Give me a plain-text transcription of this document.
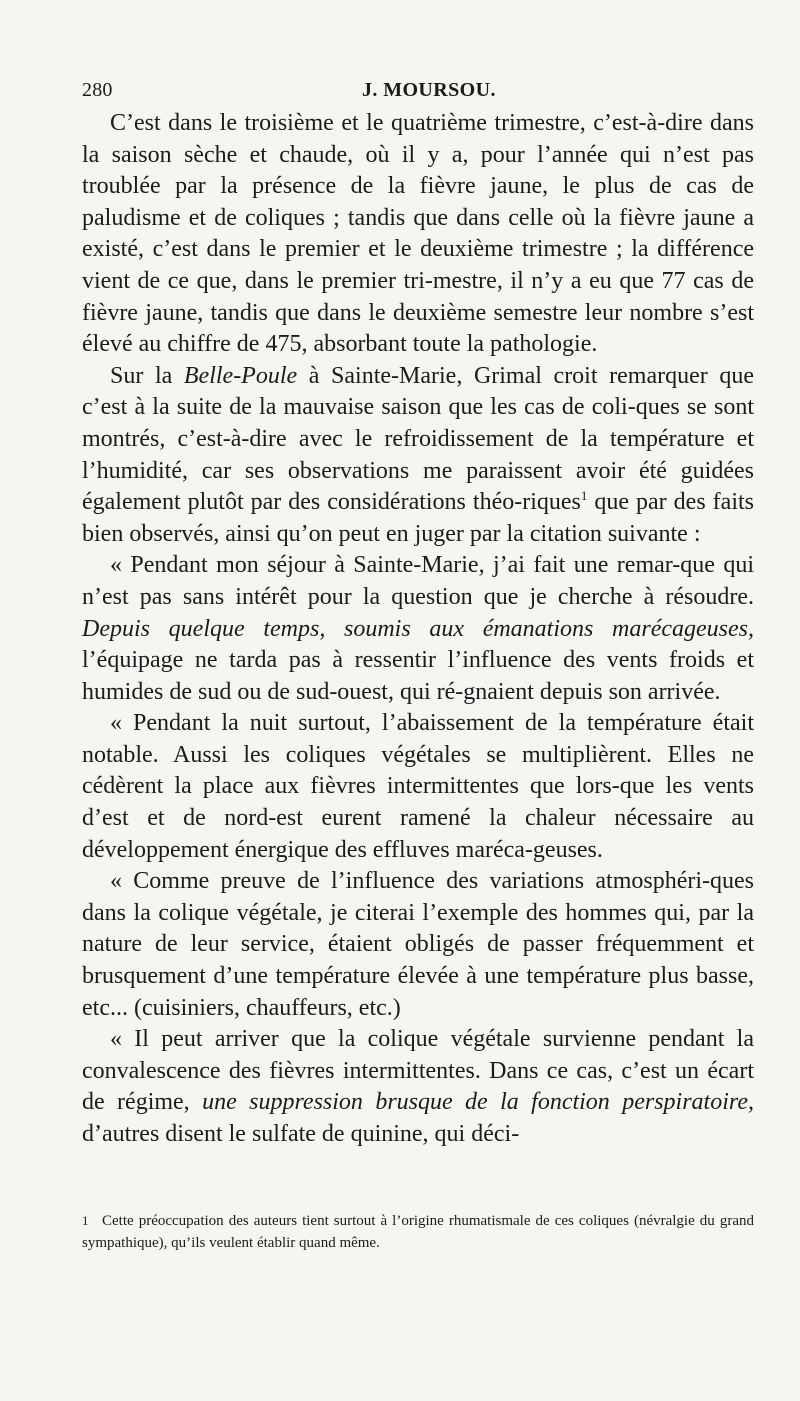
280	J. MOURSOU.

C’est dans le troisième et le quatrième trimestre, c’est-à-dire dans la saison sèche et chaude, où il y a, pour l’année qui n’est pas troublée par la présence de la fièvre jaune, le plus de cas de paludisme et de coliques ; tandis que dans celle où la fièvre jaune a existé, c’est dans le premier et le deuxième trimestre ; la différence vient de ce que, dans le premier tri-mestre, il n’y a eu que 77 cas de fièvre jaune, tandis que dans le deuxième semestre leur nombre s’est élevé au chiffre de 475, absorbant toute la pathologie.

Sur la Belle-Poule à Sainte-Marie, Grimal croit remarquer que c’est à la suite de la mauvaise saison que les cas de coli-ques se sont montrés, c’est-à-dire avec le refroidissement de la température et l’humidité, car ses observations me paraissent avoir été guidées également plutôt par des considérations théo-riques$^1$ que par des faits bien observés, ainsi qu’on peut en juger par la citation suivante :

« Pendant mon séjour à Sainte-Marie, j’ai fait une remar-que qui n’est pas sans intérêt pour la question que je cherche à résoudre. Depuis quelque temps, soumis aux émanations marécageuses, l’équipage ne tarda pas à ressentir l’influence des vents froids et humides de sud ou de sud-ouest, qui ré-gnaient depuis son arrivée.

« Pendant la nuit surtout, l’abaissement de la température était notable. Aussi les coliques végétales se multiplièrent. Elles ne cédèrent la place aux fièvres intermittentes que lors-que les vents d’est et de nord-est eurent ramené la chaleur nécessaire au développement énergique des effluves maréca-geuses.

« Comme preuve de l’influence des variations atmosphéri-ques dans la colique végétale, je citerai l’exemple des hommes qui, par la nature de leur service, étaient obligés de passer fréquemment et brusquement d’une température élevée à une température plus basse, etc... (cuisiniers, chauffeurs, etc.)

« Il peut arriver que la colique végétale survienne pendant la convalescence des fièvres intermittentes. Dans ce cas, c’est un écart de régime, une suppression brusque de la fonction perspiratoire, d’autres disent le sulfate de quinine, qui déci-

1 Cette préoccupation des auteurs tient surtout à l’origine rhumatismale de ces coliques (névralgie du grand sympathique), qu’ils veulent établir quand même.
